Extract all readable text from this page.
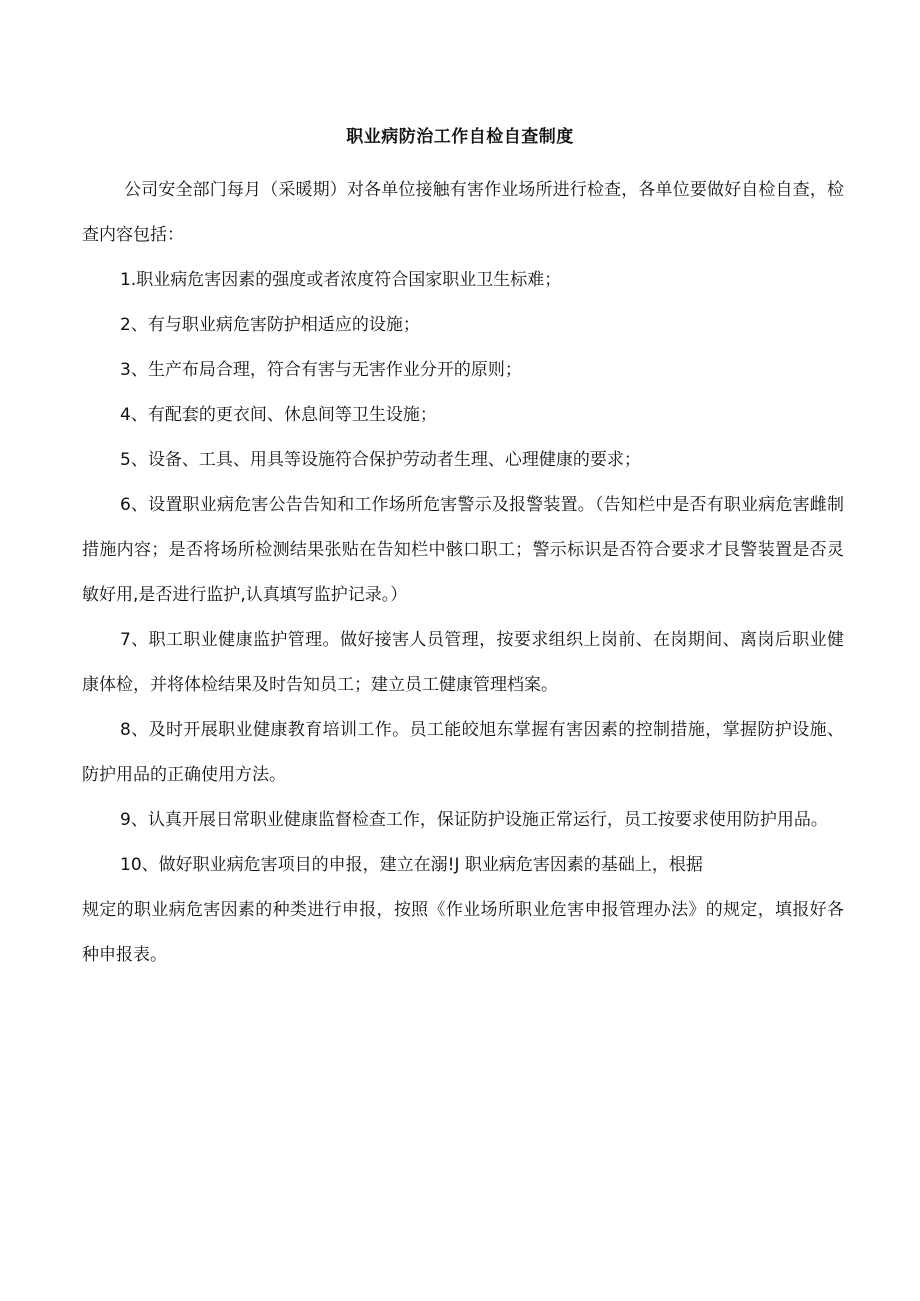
职业病防治工作自检自查制度

公司安全部门每月（采暖期）对各单位接触有害作业场所进行检查，各单位要做好自检自查，检查内容包括：

1.职业病危害因素的强度或者浓度符合国家职业卫生标难；

2、有与职业病危害防护相适应的设施；

3、生产布局合理，符合有害与无害作业分开的原则；

4、有配套的更衣间、休息间等卫生设施；

5、设备、工具、用具等设施符合保护劳动者生理、心理健康的要求；

6、设置职业病危害公告告知和工作场所危害警示及报警装置。（告知栏中是否有职业病危害雌制措施内容；是否将场所检测结果张贴在告知栏中骸口职工；警示标识是否符合要求才艮警装置是否灵敏好用,是否进行监护,认真填写监护记录。）

7、职工职业健康监护管理。做好接害人员管理，按要求组织上岗前、在岗期间、离岗后职业健康体检，并将体检结果及时告知员工；建立员工健康管理档案。

8、及时开展职业健康教育培训工作。员工能皎旭东掌握有害因素的控制措施，掌握防护设施、防护用品的正确使用方法。

9、认真开展日常职业健康监督检查工作，保证防护设施正常运行，员工按要求使用防护用品。

10、做好职业病危害项目的申报，建立在溺!J 职业病危害因素的基础上，根据

规定的职业病危害因素的种类进行申报，按照《作业场所职业危害申报管理办法》的规定，填报好各种申报表。
